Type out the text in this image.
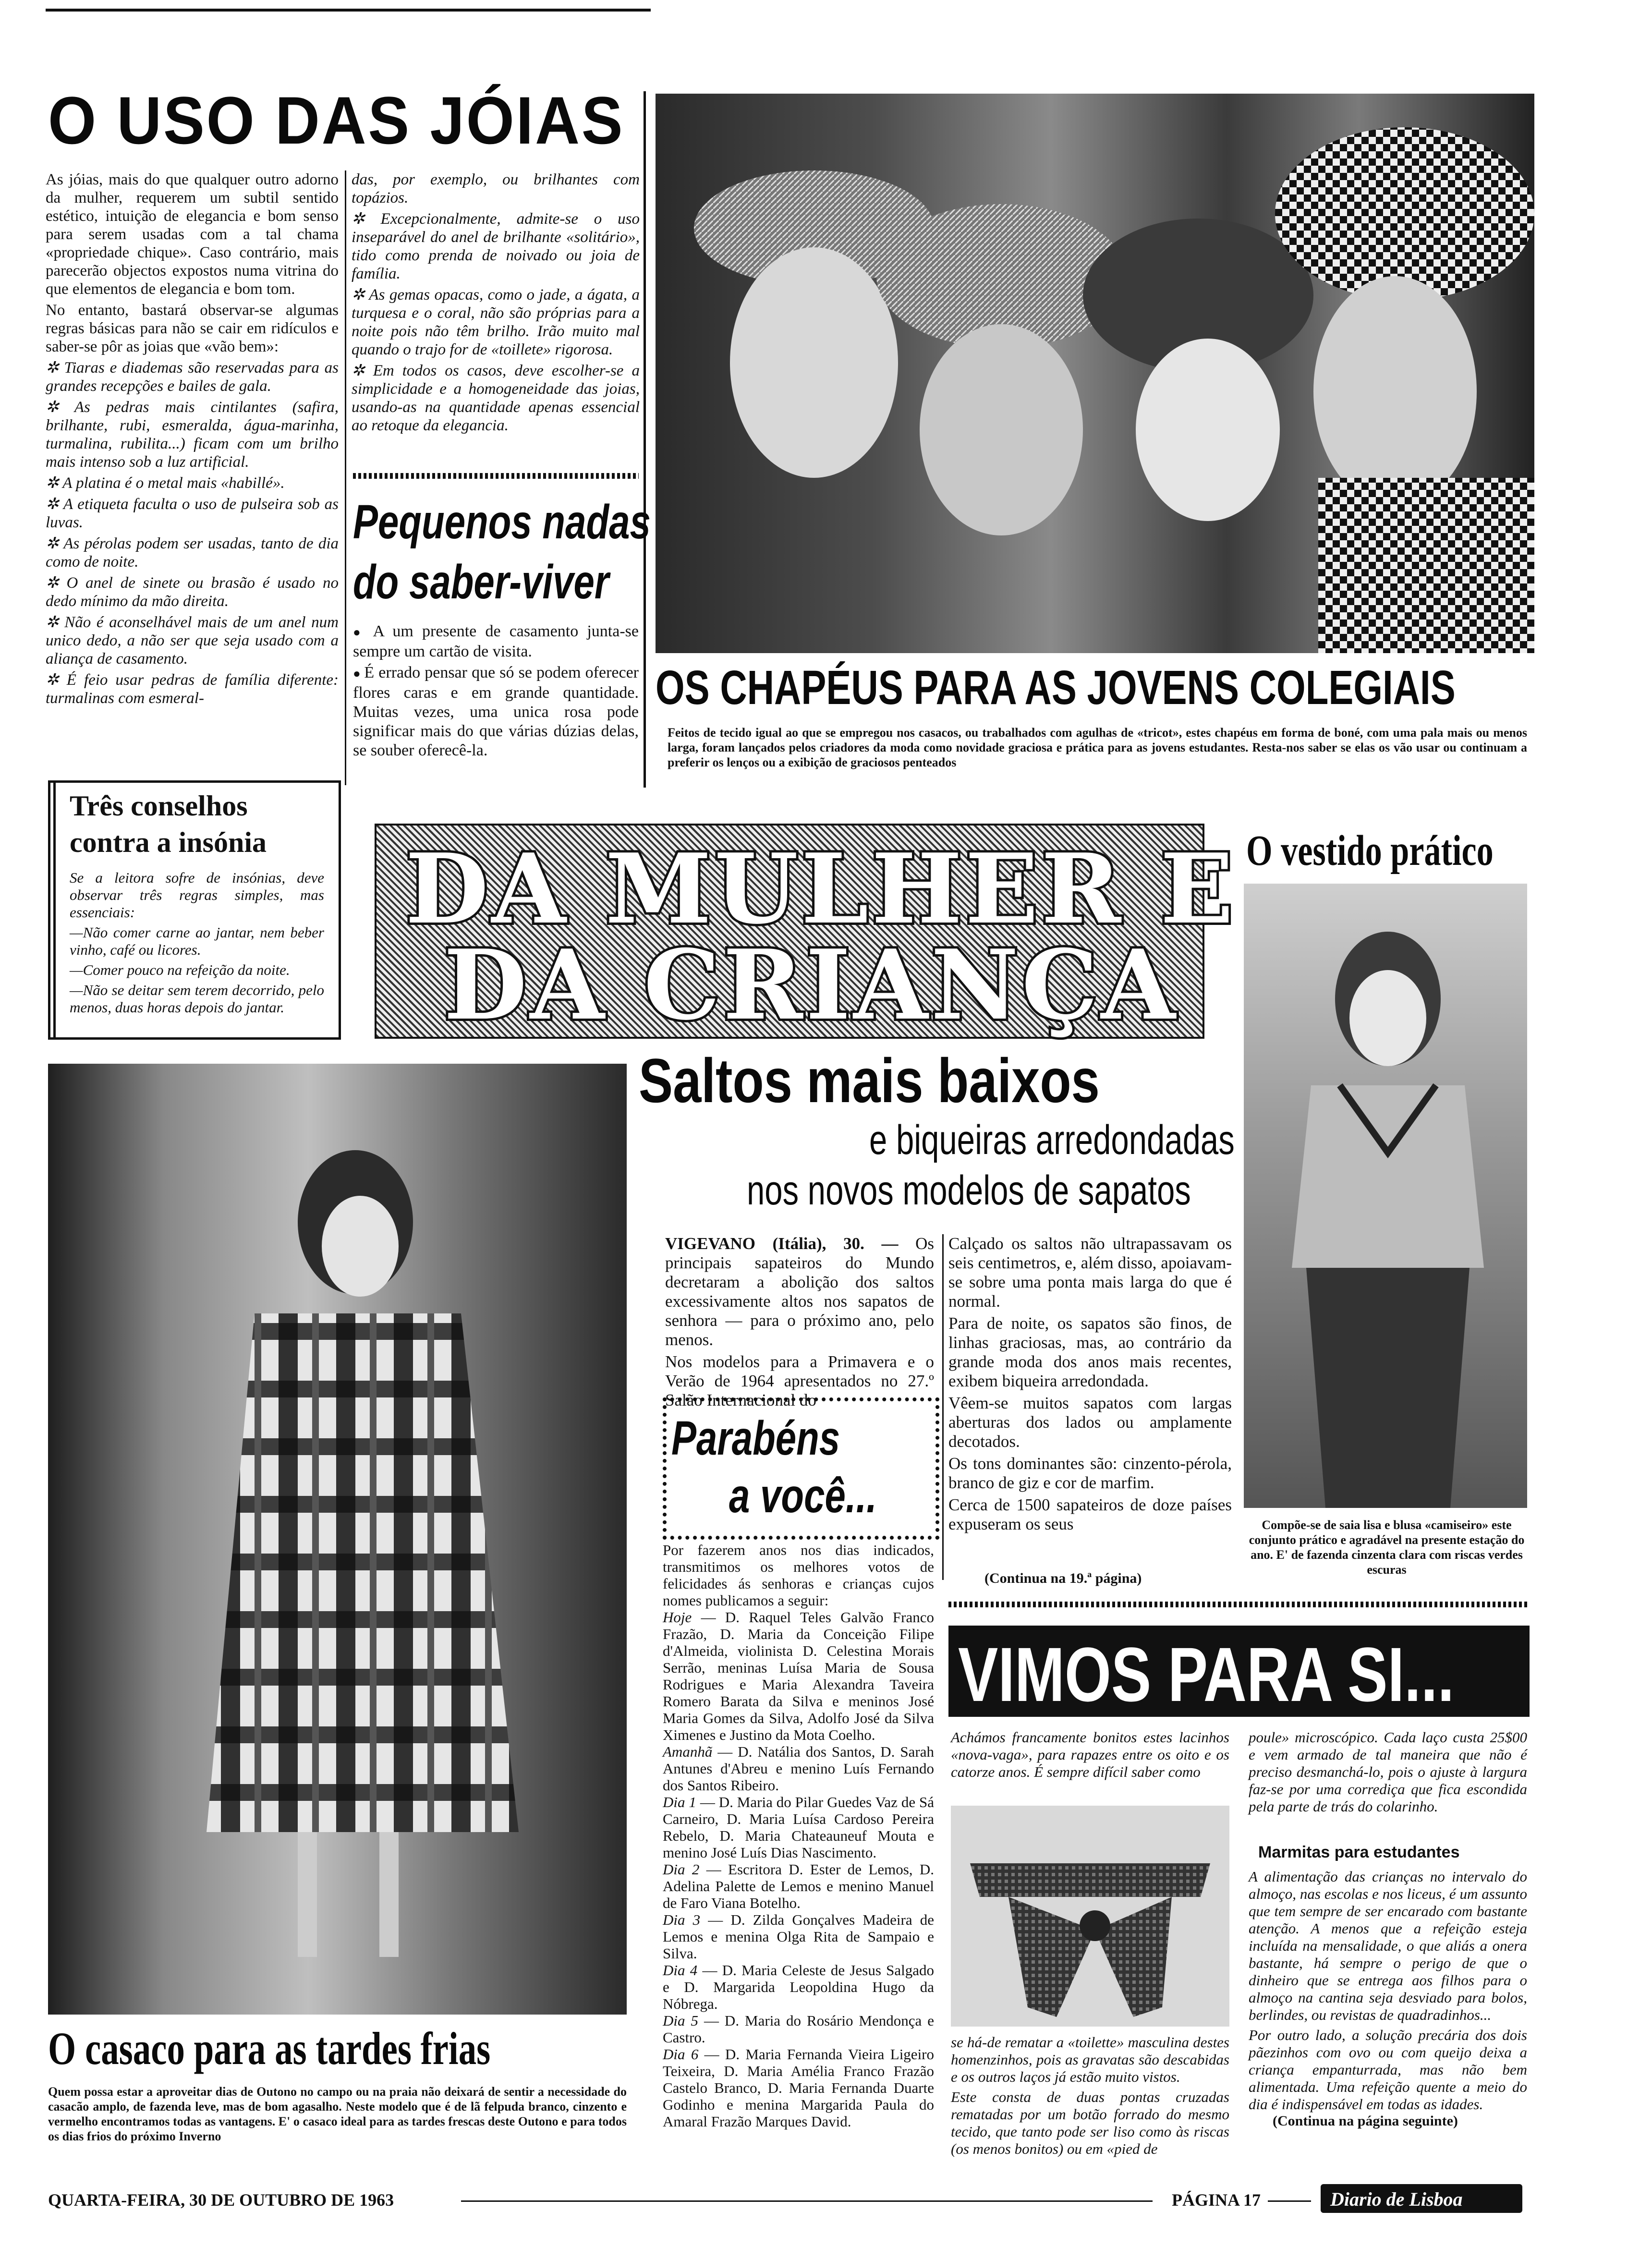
O USO DAS JÓIAS

As jóias, mais do que qualquer outro adorno da mulher, requerem um subtil sentido estético, intuição de elegancia e bom senso para serem usadas com a tal chama «propriedade chique». Caso contrário, mais parecerão objectos expostos numa vitrina do que elementos de elegancia e bom tom.

No entanto, bastará observar-se algumas regras básicas para não se cair em ridículos e saber-se pôr as joias que «vão bem»:

✲ Tiaras e diademas são reservadas para as grandes recepções e bailes de gala.

✲ As pedras mais cintilantes (safira, brilhante, rubi, esmeralda, água-marinha, turmalina, rubilita...) ficam com um brilho mais intenso sob a luz artificial.

✲ A platina é o metal mais «habillé».

✲ A etiqueta faculta o uso de pulseira sob as luvas.

✲ As pérolas podem ser usadas, tanto de dia como de noite.

✲ O anel de sinete ou brasão é usado no dedo mínimo da mão direita.

✲ Não é aconselhável mais de um anel num unico dedo, a não ser que seja usado com a aliança de casamento.

✲ É feio usar pedras de família diferente: turmalinas com esmeral-

das, por exemplo, ou brilhantes com topázios.

✲ Excepcionalmente, admite-se o uso inseparável do anel de brilhante «solitário», tido como prenda de noivado ou joia de família.

✲ As gemas opacas, como o jade, a ágata, a turquesa e o coral, não são próprias para a noite pois não têm brilho. Irão muito mal quando o trajo for de «toillete» rigorosa.

✲ Em todos os casos, deve escolher-se a simplicidade e a homogeneidade das joias, usando-as na quantidade apenas essencial ao retoque da elegancia.

Pequenos nadas
do saber-viver
● A um presente de casamento junta-se sempre um cartão de visita.
● É errado pensar que só se podem oferecer flores caras e em grande quantidade. Muitas vezes, uma unica rosa pode significar mais do que várias dúzias delas, se souber oferecê-la.
Três conselhos
contra a insónia

Se a leitora sofre de insónias, deve observar três regras simples, mas essenciais:

—Não comer carne ao jantar, nem beber vinho, café ou licores.

—Comer pouco na refeição da noite.

—Não se deitar sem terem decorrido, pelo menos, duas horas depois do jantar.

OS CHAPÉUS PARA AS JOVENS COLEGIAIS
Feitos de tecido igual ao que se empregou nos casacos, ou trabalhados com agulhas de «tricot», estes chapéus em forma de boné, com uma pala mais ou menos larga, foram lançados pelos criadores da moda como novidade graciosa e prática para as jovens estudantes. Resta-nos saber se elas os vão usar ou continuam a preferir os lenços ou a exibição de graciosos penteados
DA MULHER E
DA CRIANÇA
O vestido prático
Compõe-se de saia lisa e blusa «camiseiro» este conjunto prático e agradável na presente estação do ano. E' de fazenda cinzenta clara com riscas verdes escuras
O casaco para as tardes frias
Quem possa estar a aproveitar dias de Outono no campo ou na praia não deixará de sentir a necessidade do casacão amplo, de fazenda leve, mas de bom agasalho. Neste modelo que é de lã felpuda branco, cinzento e vermelho encontramos todas as vantagens. E' o casaco ideal para as tardes frescas deste Outono e para todos os dias frios do próximo Inverno
Saltos mais baixos
e biqueiras arredondadas
nos novos modelos de sapatos

VIGEVANO (Itália), 30. — Os principais sapateiros do Mundo decretaram a abolição dos saltos excessivamente altos nos sapatos de senhora — para o próximo ano, pelo menos.

Nos modelos para a Primavera e o Verão de 1964 apresentados no 27.º Salão Internacional do

Calçado os saltos não ultrapassavam os seis centimetros, e, além disso, apoiavam-se sobre uma ponta mais larga do que é normal.

Para de noite, os sapatos são finos, de linhas graciosas, mas, ao contrário da grande moda dos anos mais recentes, exibem biqueira arredondada.

Vêem-se muitos sapatos com largas aberturas dos lados ou amplamente decotados.

Os tons dominantes são: cinzento-pérola, branco de giz e cor de marfim.

Cerca de 1500 sapateiros de doze países expuseram os seus

(Continua na 19.ª página)
Parabéns
a você...

Por fazerem anos nos dias indicados, transmitimos os melhores votos de felicidades ás senhoras e crianças cujos nomes publicamos a seguir:

Hoje — D. Raquel Teles Galvão Franco Frazão, D. Maria da Conceição Filipe d'Almeida, violinista D. Celestina Morais Serrão, meninas Luísa Maria de Sousa Rodrigues e Maria Alexandra Taveira Romero Barata da Silva e meninos José Maria Gomes da Silva, Adolfo José da Silva Ximenes e Justino da Mota Coelho.

Amanhã — D. Natália dos Santos, D. Sarah Antunes d'Abreu e menino Luís Fernando dos Santos Ribeiro.

Dia 1 — D. Maria do Pilar Guedes Vaz de Sá Carneiro, D. Maria Luísa Cardoso Pereira Rebelo, D. Maria Chateauneuf Mouta e menino José Luís Dias Nascimento.

Dia 2 — Escritora D. Ester de Lemos, D. Adelina Palette de Lemos e menino Manuel de Faro Viana Botelho.

Dia 3 — D. Zilda Gonçalves Madeira de Lemos e menina Olga Rita de Sampaio e Silva.

Dia 4 — D. Maria Celeste de Jesus Salgado e D. Margarida Leopoldina Hugo da Nóbrega.

Dia 5 — D. Maria do Rosário Mendonça e Castro.

Dia 6 — D. Maria Fernanda Vieira Ligeiro Teixeira, D. Maria Amélia Franco Frazão Castelo Branco, D. Maria Fernanda Duarte Godinho e menina Margarida Paula do Amaral Frazão Marques David.

VIMOS PARA SI...
Achámos francamente bonitos estes lacinhos «nova-vaga», para rapazes entre os oito e os catorze anos. É sempre difícil saber como

se há-de rematar a «toilette» masculina destes homenzinhos, pois as gravatas são descabidas e os outros laços já estão muito vistos.

Este consta de duas pontas cruzadas rematadas por um botão forrado do mesmo tecido, que tanto pode ser liso como às riscas (os menos bonitos) ou em «pied de

poule» microscópico. Cada laço custa 25$00 e vem armado de tal maneira que não é preciso desmanchá-lo, pois o ajuste à largura faz-se por uma corrediça que fica escondida pela parte de trás do colarinho.
Marmitas para estudantes

A alimentação das crianças no intervalo do almoço, nas escolas e nos liceus, é um assunto que tem sempre de ser encarado com bastante atenção. A menos que a refeição esteja incluída na mensalidade, o que aliás a onera bastante, há sempre o perigo de que o dinheiro que se entrega aos filhos para o almoço na cantina seja desviado para bolos, berlindes, ou revistas de quadradinhos...

Por outro lado, a solução precária dos dois pãezinhos com ovo ou com queijo deixa a criança empanturrada, mas não bem alimentada. Uma refeição quente a meio do dia é indispensável em todas as idades.

(Continua na página seguinte)
QUARTA-FEIRA, 30 DE OUTUBRO DE 1963	PÁGINA 17	Diario de Lisboa
